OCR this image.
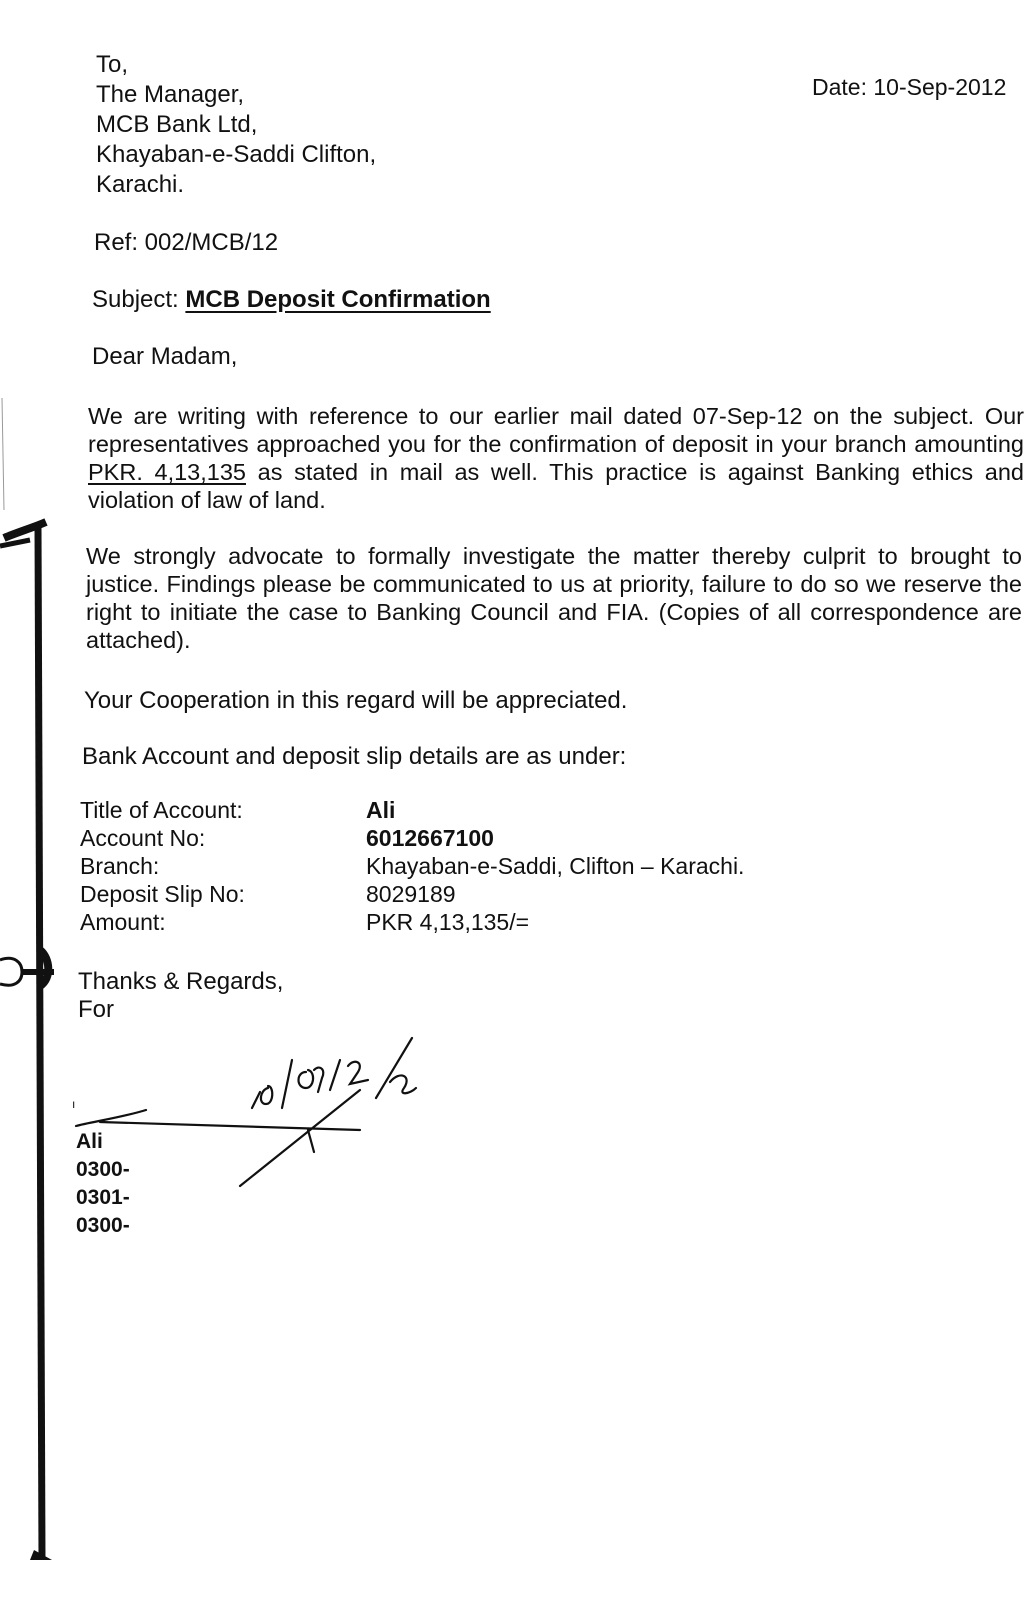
To,
The Manager,
MCB Bank Ltd,
Khayaban-e-Saddi Clifton,
Karachi.
Date: 10-Sep-2012
Ref: 002/MCB/12
Subject: MCB Deposit Confirmation
Dear Madam,

We are writing with reference to our earlier mail dated 07-Sep-12 on the subject. Our representatives approached you for the confirmation of deposit in your branch amounting PKR. 4,13,135 as stated in mail as well. This practice is against Banking ethics and violation of law of land.

We strongly advocate to formally investigate the matter thereby culprit to brought to justice. Findings please be communicated to us at priority, failure to do so we reserve the right to initiate the case to Banking Council and FIA. (Copies of all correspondence are attached).

Your Cooperation in this regard will be appreciated.
Bank Account and deposit slip details are as under:
Title of Account:	Ali
Account No:	6012667100
Branch:	Khayaban-e-Saddi, Clifton – Karachi.
Deposit Slip No:	8029189
Amount:	PKR 4,13,135/=
Thanks & Regards,
For
ı
Ali
0300-
0301-
0300-
